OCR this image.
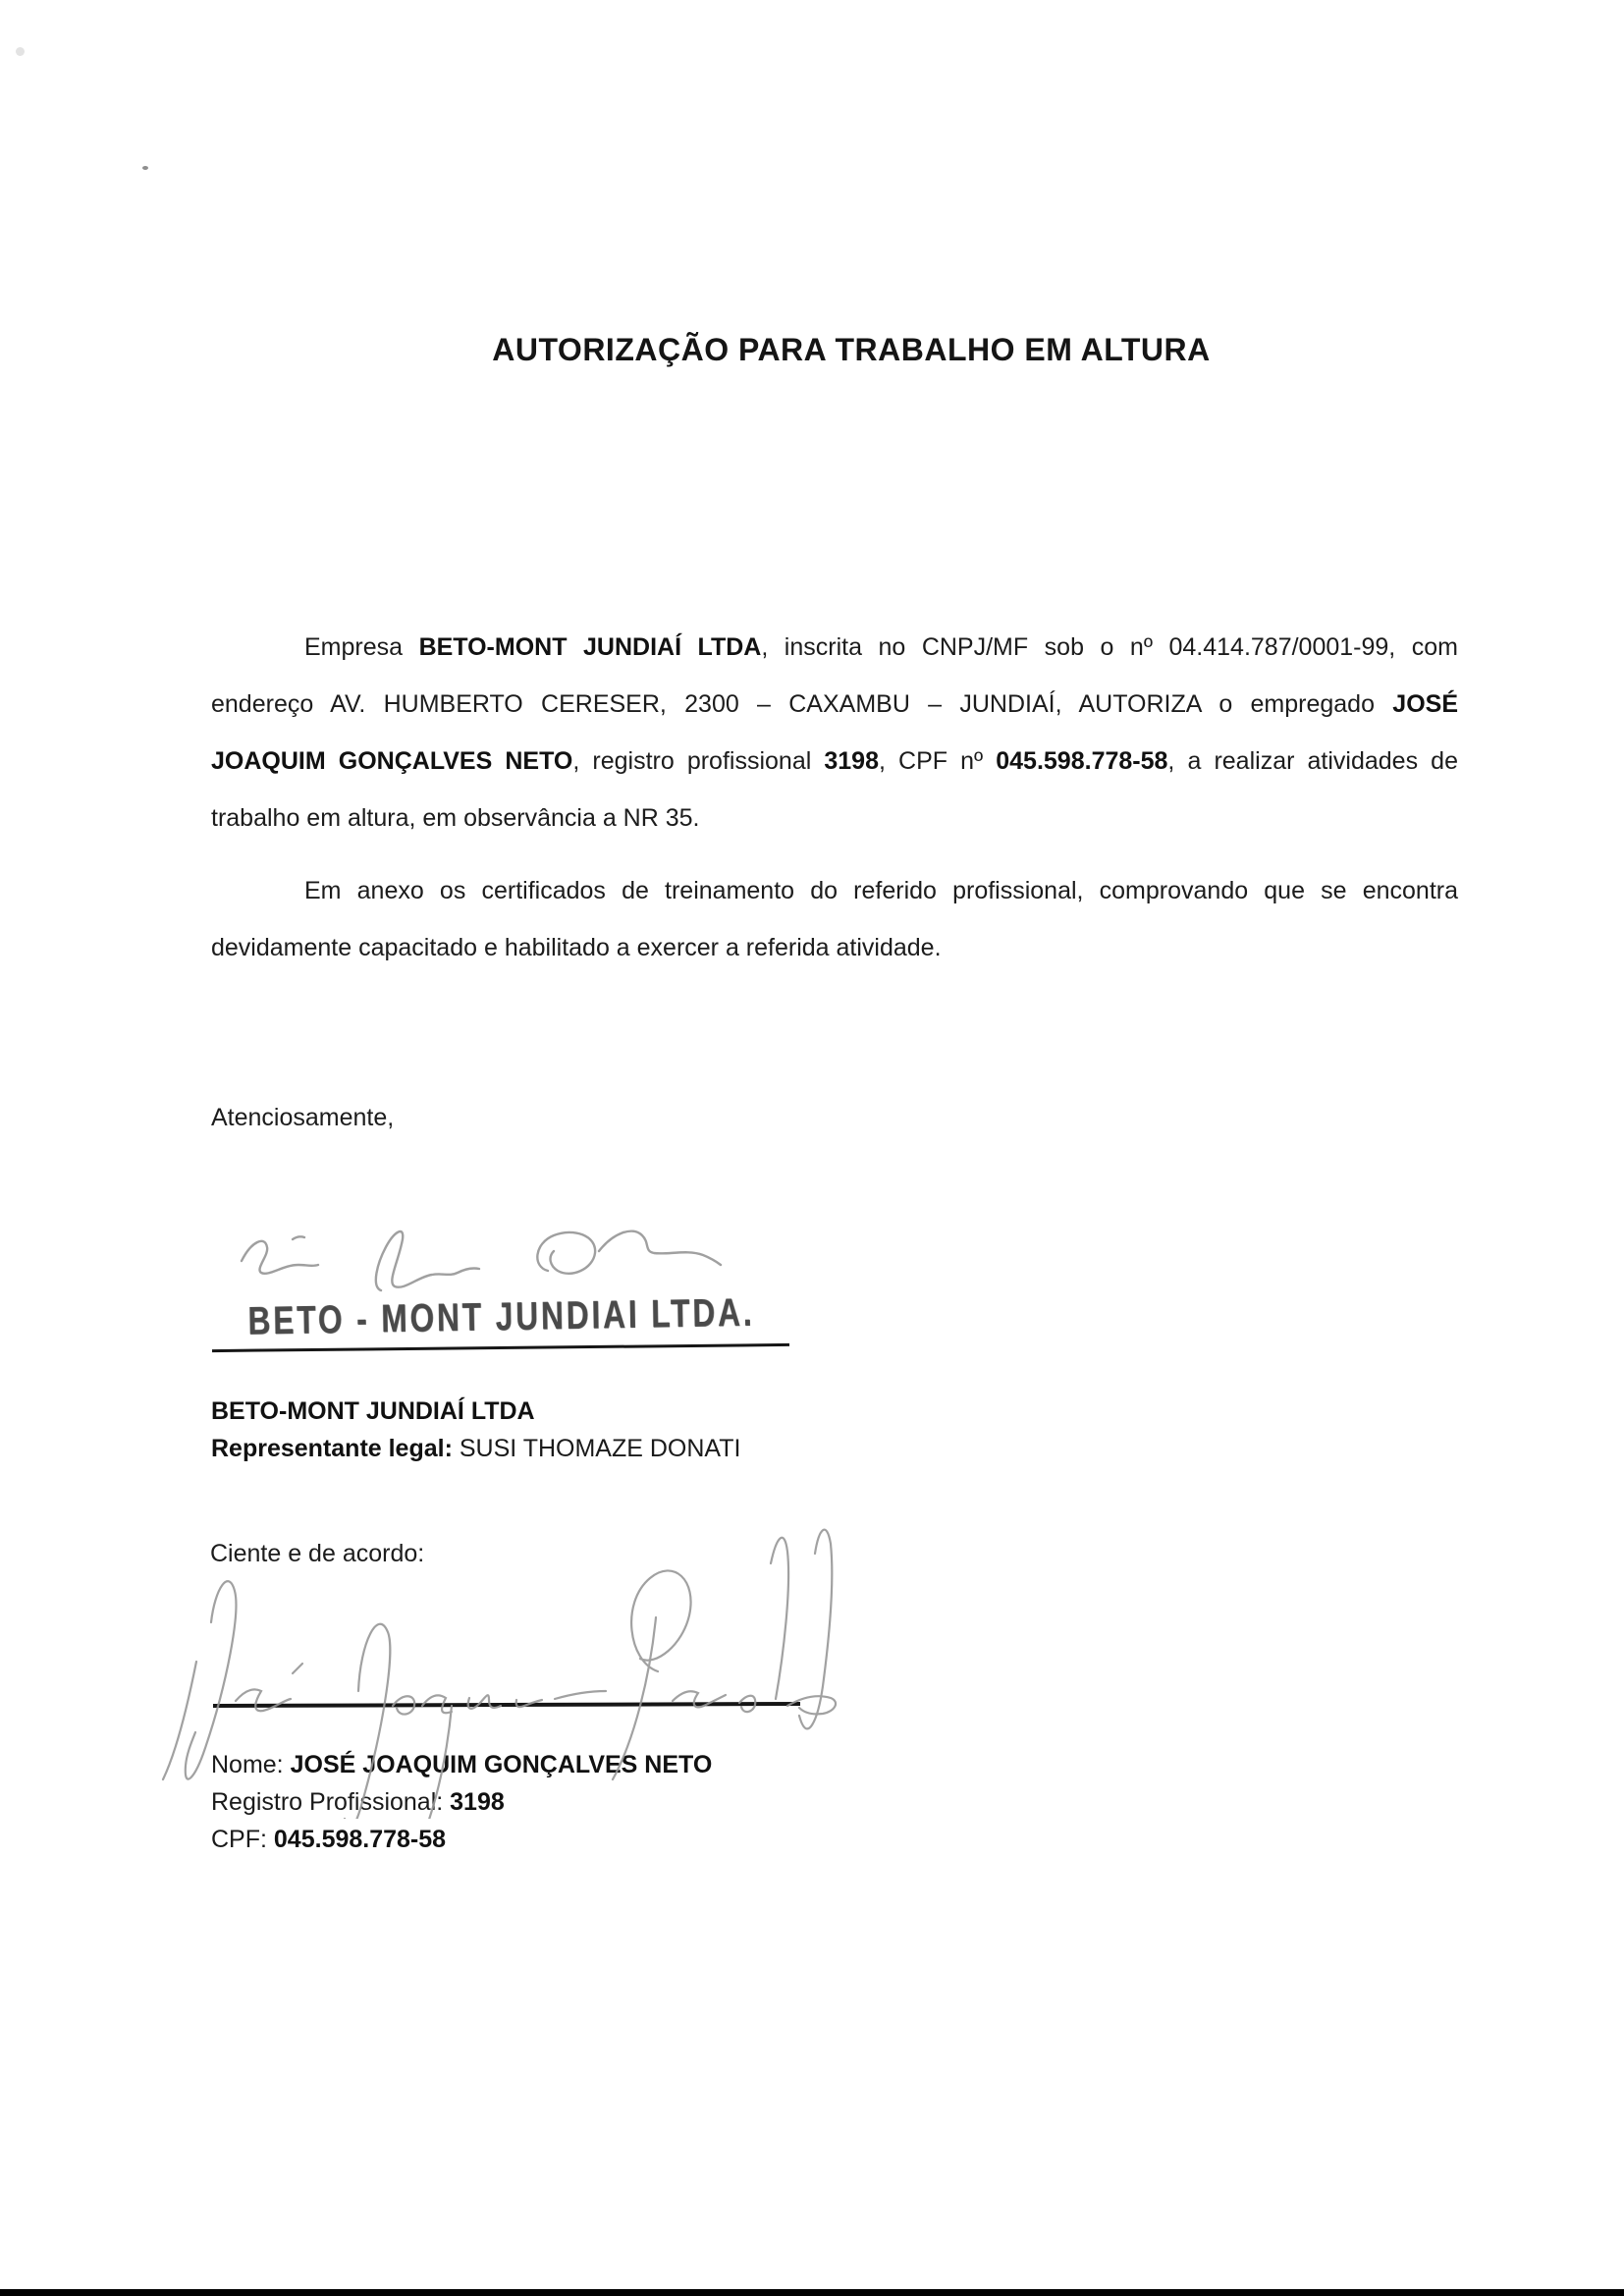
AUTORIZAÇÃO PARA TRABALHO EM ALTURA
Empresa BETO-MONT JUNDIAÍ LTDA, inscrita no CNPJ/MF sob o nº 04.414.787/0001-99, com
endereço AV. HUMBERTO CERESER, 2300 – CAXAMBU – JUNDIAÍ, AUTORIZA o empregado JOSÉ
JOAQUIM GONÇALVES NETO, registro profissional 3198, CPF nº 045.598.778-58, a realizar atividades de
trabalho em altura, em observância a NR 35.
Em anexo os certificados de treinamento do referido profissional, comprovando que se encontra
devidamente capacitado e habilitado a exercer a referida atividade.
Atenciosamente,
BETO - MONT JUNDIAI LTDA.
BETO-MONT JUNDIAÍ LTDA
Representante legal: SUSI THOMAZE DONATI
Ciente e de acordo:
Nome: JOSÉ JOAQUIM GONÇALVES NETO
Registro Profissional: 3198
CPF: 045.598.778-58
